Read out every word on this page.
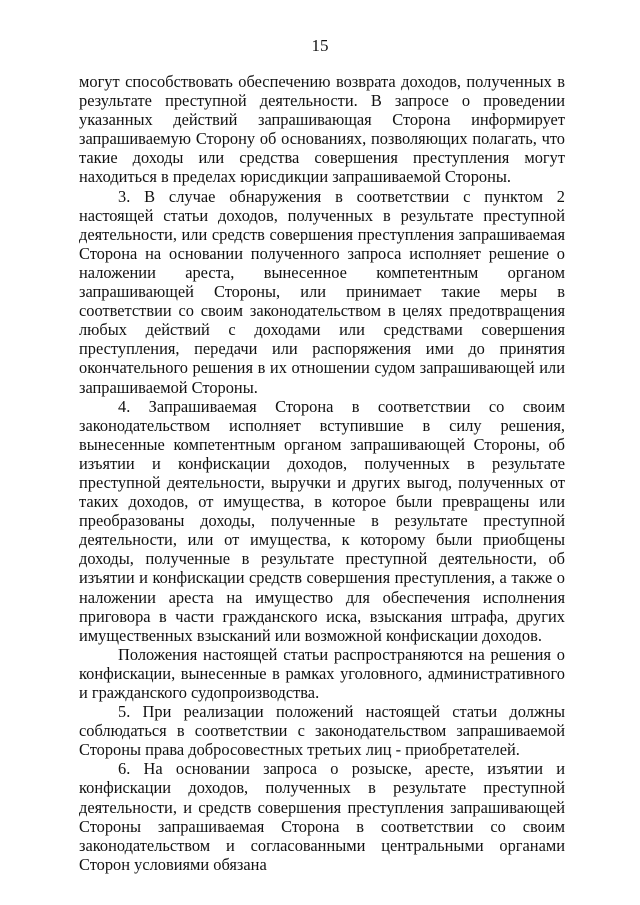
15

могут способствовать обеспечению возврата доходов, полученных в результате преступной деятельности. В запросе о проведении указанных действий запрашивающая Сторона информирует запрашиваемую Сторону об основаниях, позволяющих полагать, что такие доходы или средства совершения преступления могут находиться в пределах юрисдикции запрашиваемой Стороны.

3. В случае обнаружения в соответствии с пунктом 2 настоящей статьи доходов, полученных в результате преступной деятельности, или средств совершения преступления запрашиваемая Сторона на основании полученного запроса исполняет решение о наложении ареста, вынесенное компетентным органом запрашивающей Стороны, или принимает такие меры в соответствии со своим законодательством в целях предотвращения любых действий с доходами или средствами совершения преступления, передачи или распоряжения ими до принятия окончательного решения в их отношении судом запрашивающей или запрашиваемой Стороны.

4. Запрашиваемая Сторона в соответствии со своим законодательством исполняет вступившие в силу решения, вынесенные компетентным органом запрашивающей Стороны, об изъятии и конфискации доходов, полученных в результате преступной деятельности, выручки и других выгод, полученных от таких доходов, от имущества, в которое были превращены или преобразованы доходы, полученные в результате преступной деятельности, или от имущества, к которому были приобщены доходы, полученные в результате преступной деятельности, об изъятии и конфискации средств совершения преступления, а также о наложении ареста на имущество для обеспечения исполнения приговора в части гражданского иска, взыскания штрафа, других имущественных взысканий или возможной конфискации доходов.

Положения настоящей статьи распространяются на решения о конфискации, вынесенные в рамках уголовного, административного и гражданского судопроизводства.

5. При реализации положений настоящей статьи должны соблюдаться в соответствии с законодательством запрашиваемой Стороны права добросовестных третьих лиц - приобретателей.

6. На основании запроса о розыске, аресте, изъятии и конфискации доходов, полученных в результате преступной деятельности, и средств совершения преступления запрашивающей Стороны запрашиваемая Сторона в соответствии со своим законодательством и согласованными центральными органами Сторон условиями обязана
